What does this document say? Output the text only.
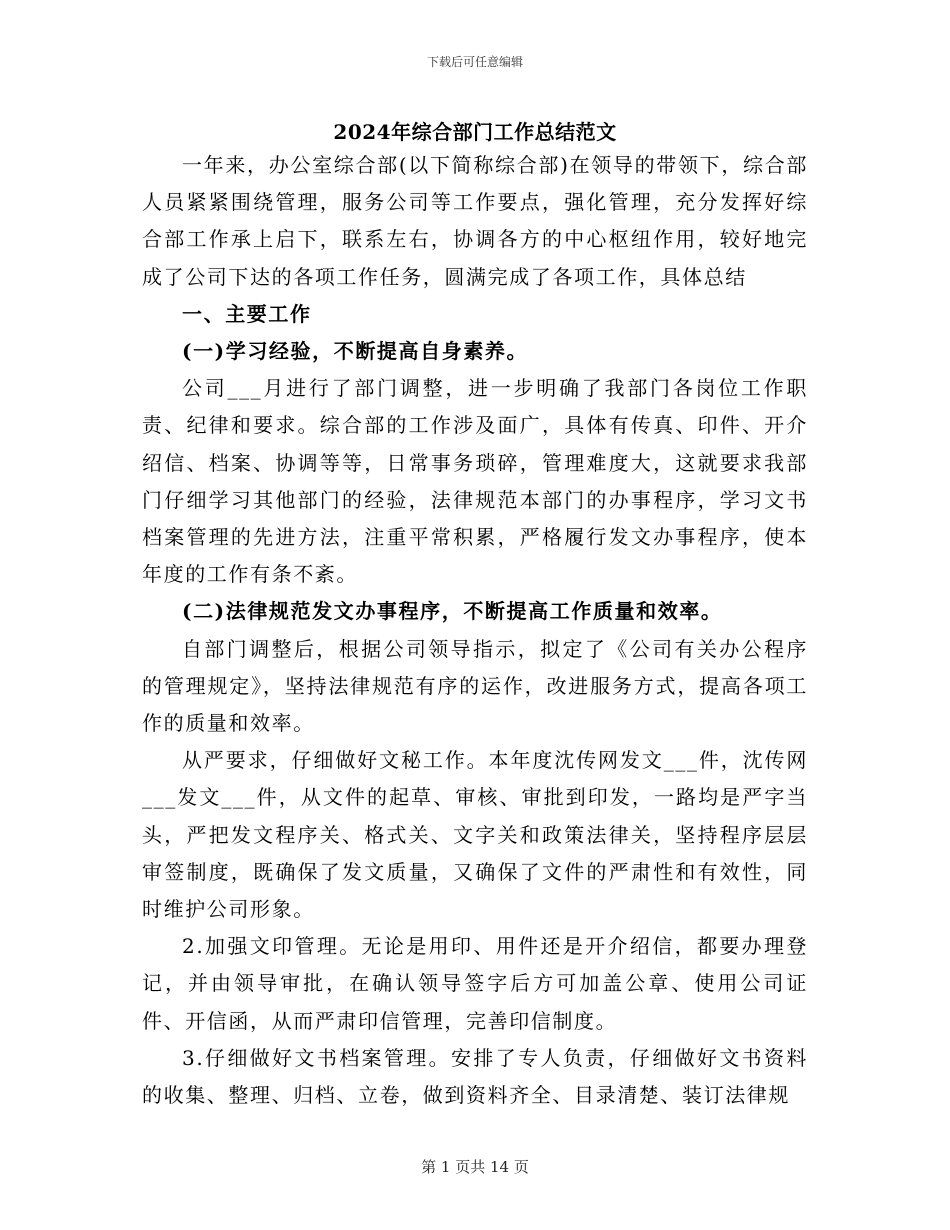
下载后可任意编辑
2024年综合部门工作总结范文

一年来，办公室综合部(以下简称综合部)在领导的带领下，综合部人员紧紧围绕管理，服务公司等工作要点，强化管理，充分发挥好综合部工作承上启下，联系左右，协调各方的中心枢纽作用，较好地完成了公司下达的各项工作任务，圆满完成了各项工作，具体总结

一、主要工作

(一)学习经验，不断提高自身素养。

公司___月进行了部门调整，进一步明确了我部门各岗位工作职责、纪律和要求。综合部的工作涉及面广，具体有传真、印件、开介绍信、档案、协调等等，日常事务琐碎，管理难度大，这就要求我部门仔细学习其他部门的经验，法律规范本部门的办事程序，学习文书档案管理的先进方法，注重平常积累，严格履行发文办事程序，使本年度的工作有条不紊。

(二)法律规范发文办事程序，不断提高工作质量和效率。

自部门调整后，根据公司领导指示，拟定了《公司有关办公程序的管理规定》，坚持法律规范有序的运作，改进服务方式，提高各项工作的质量和效率。

从严要求，仔细做好文秘工作。本年度沈传网发文___件，沈传网___发文___件，从文件的起草、审核、审批到印发，一路均是严字当头，严把发文程序关、格式关、文字关和政策法律关，坚持程序层层审签制度，既确保了发文质量，又确保了文件的严肃性和有效性，同时维护公司形象。

2.加强文印管理。无论是用印、用件还是开介绍信，都要办理登记，并由领导审批，在确认领导签字后方可加盖公章、使用公司证件、开信函，从而严肃印信管理，完善印信制度。

3.仔细做好文书档案管理。安排了专人负责，仔细做好文书资料的收集、整理、归档、立卷，做到资料齐全、目录清楚、装订法律规

第 1 页共 14 页
